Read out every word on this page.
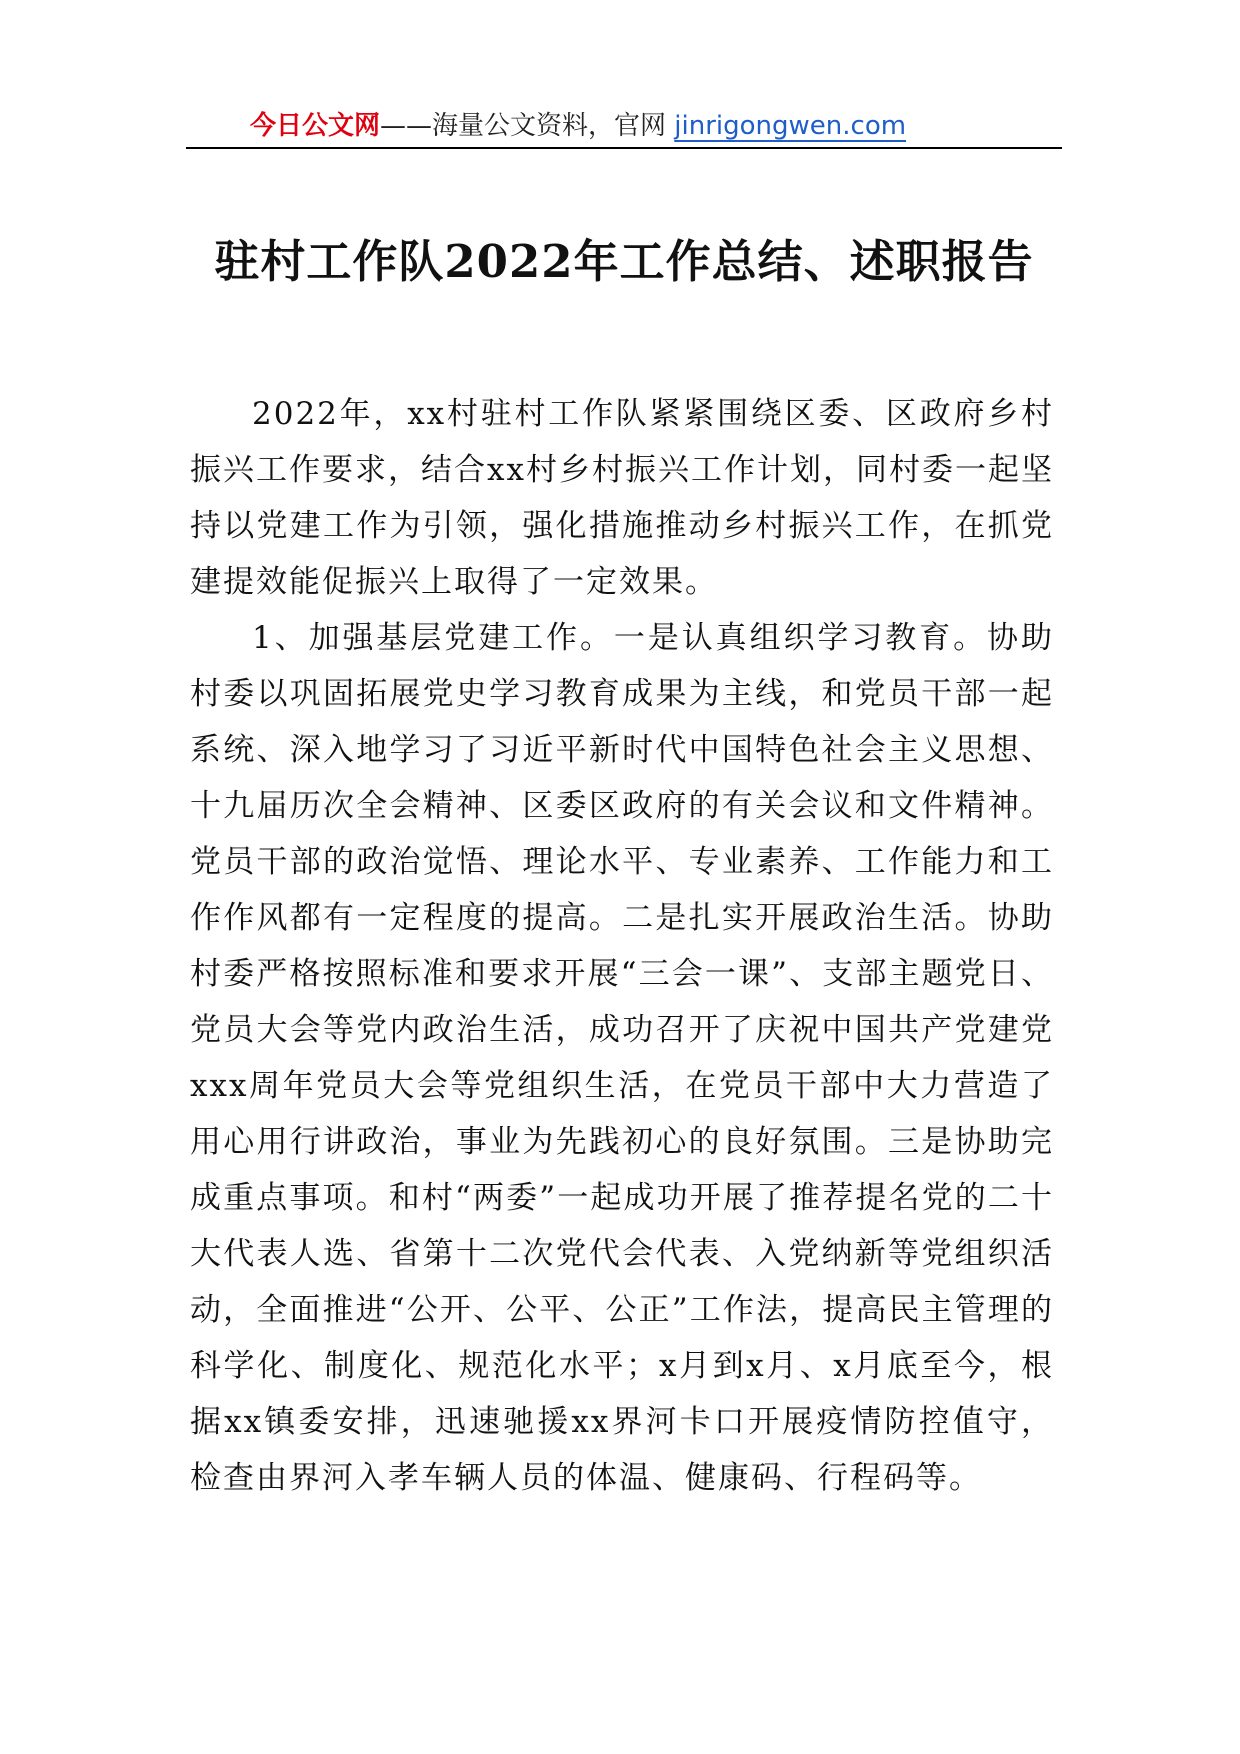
今日公文网——海量公文资料，官网 jinrigongwen.com
驻村工作队2022年工作总结、述职报告

2022年，xx村驻村工作队紧紧围绕区委、区政府乡村振兴工作要求，结合xx村乡村振兴工作计划，同村委一起坚持以党建工作为引领，强化措施推动乡村振兴工作，在抓党建提效能促振兴上取得了一定效果。

1、加强基层党建工作。一是认真组织学习教育。协助村委以巩固拓展党史学习教育成果为主线，和党员干部一起系统、深入地学习了习近平新时代中国特色社会主义思想、十九届历次全会精神、区委区政府的有关会议和文件精神。党员干部的政治觉悟、理论水平、专业素养、工作能力和工作作风都有一定程度的提高。二是扎实开展政治生活。协助村委严格按照标准和要求开展“三会一课”、支部主题党日、党员大会等党内政治生活，成功召开了庆祝中国共产党建党xxx周年党员大会等党组织生活，在党员干部中大力营造了用心用行讲政治，事业为先践初心的良好氛围。三是协助完成重点事项。和村“两委”一起成功开展了推荐提名党的二十大代表人选、省第十二次党代会代表、入党纳新等党组织活动，全面推进“公开、公平、公正”工作法，提高民主管理的科学化、制度化、规范化水平；x月到x月、x月底至今，根据xx镇委安排，迅速驰援xx界河卡口开展疫情防控值守，检查由界河入孝车辆人员的体温、健康码、行程码等。
